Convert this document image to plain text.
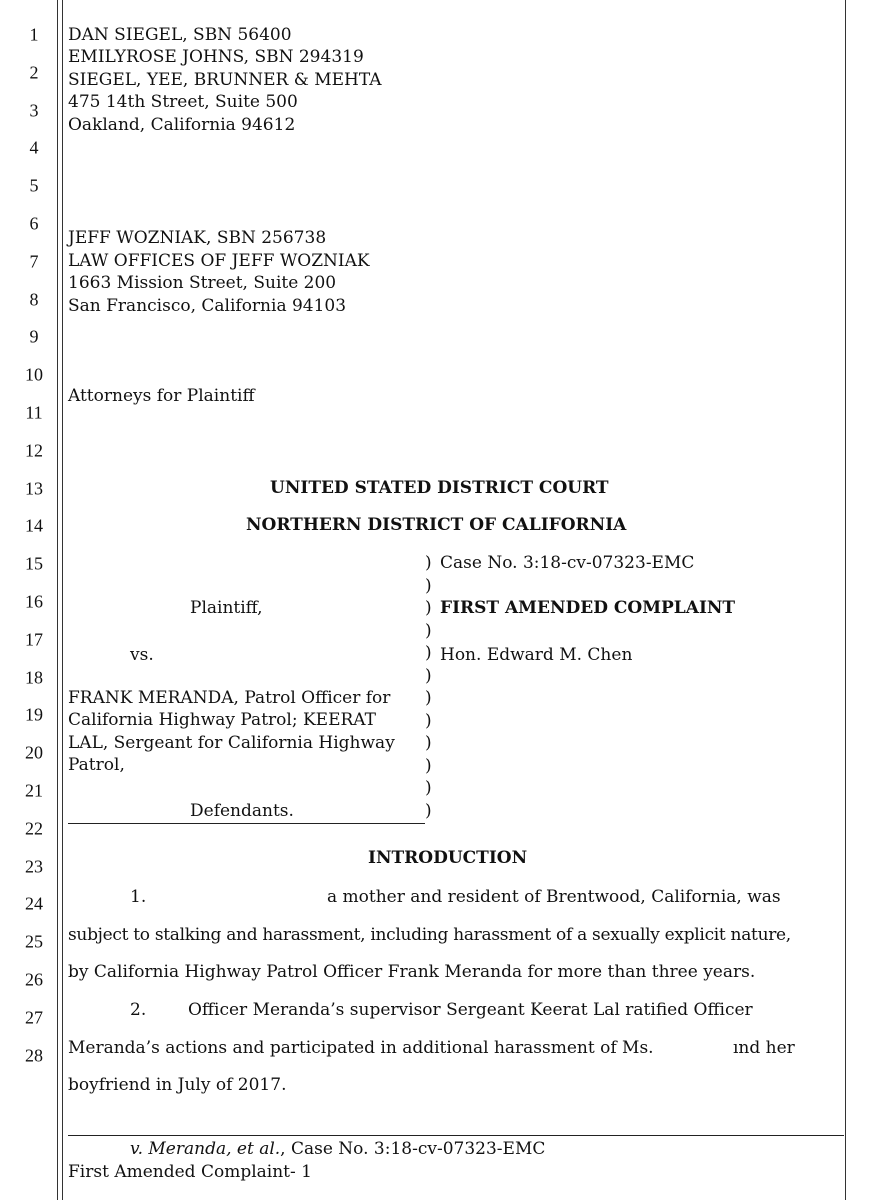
1
2
3
4
5
6
7
8
9
10
11
12
13
14
15
16
17
18
19
20
21
22
23
24
25
26
27
28
DAN SIEGEL, SBN 56400
EMILYROSE JOHNS, SBN 294319
SIEGEL, YEE, BRUNNER & MEHTA
475 14th Street, Suite 500
Oakland, California 94612
JEFF WOZNIAK, SBN 256738
LAW OFFICES OF JEFF WOZNIAK
1663 Mission Street, Suite 200
San Francisco, California 94103
Attorneys for Plaintiff
UNITED STATED DISTRICT COURT
NORTHERN DISTRICT OF CALIFORNIA
Plaintiff,
vs.
FRANK MERANDA, Patrol Officer for
California Highway Patrol; KEERAT
LAL, Sergeant for California Highway
Patrol,
Defendants.
)
)
)
)
)
)
)
)
)
)
)
)
Case No. 3:18-cv-07323-EMC
FIRST AMENDED COMPLAINT
Hon. Edward M. Chen
INTRODUCTION
1.	a mother and resident of Brentwood, California, was
subject to stalking and harassment, including harassment of a sexually explicit nature,
by California Highway Patrol Officer Frank Meranda for more than three years.
2. Officer Meranda’s supervisor Sergeant Keerat Lal ratified Officer
Meranda’s actions and participated in additional harassment of Ms.	ınd her
boyfriend in July of 2017.
v. Meranda, et al., Case No. 3:18-cv-07323-EMC
First Amended Complaint- 1
